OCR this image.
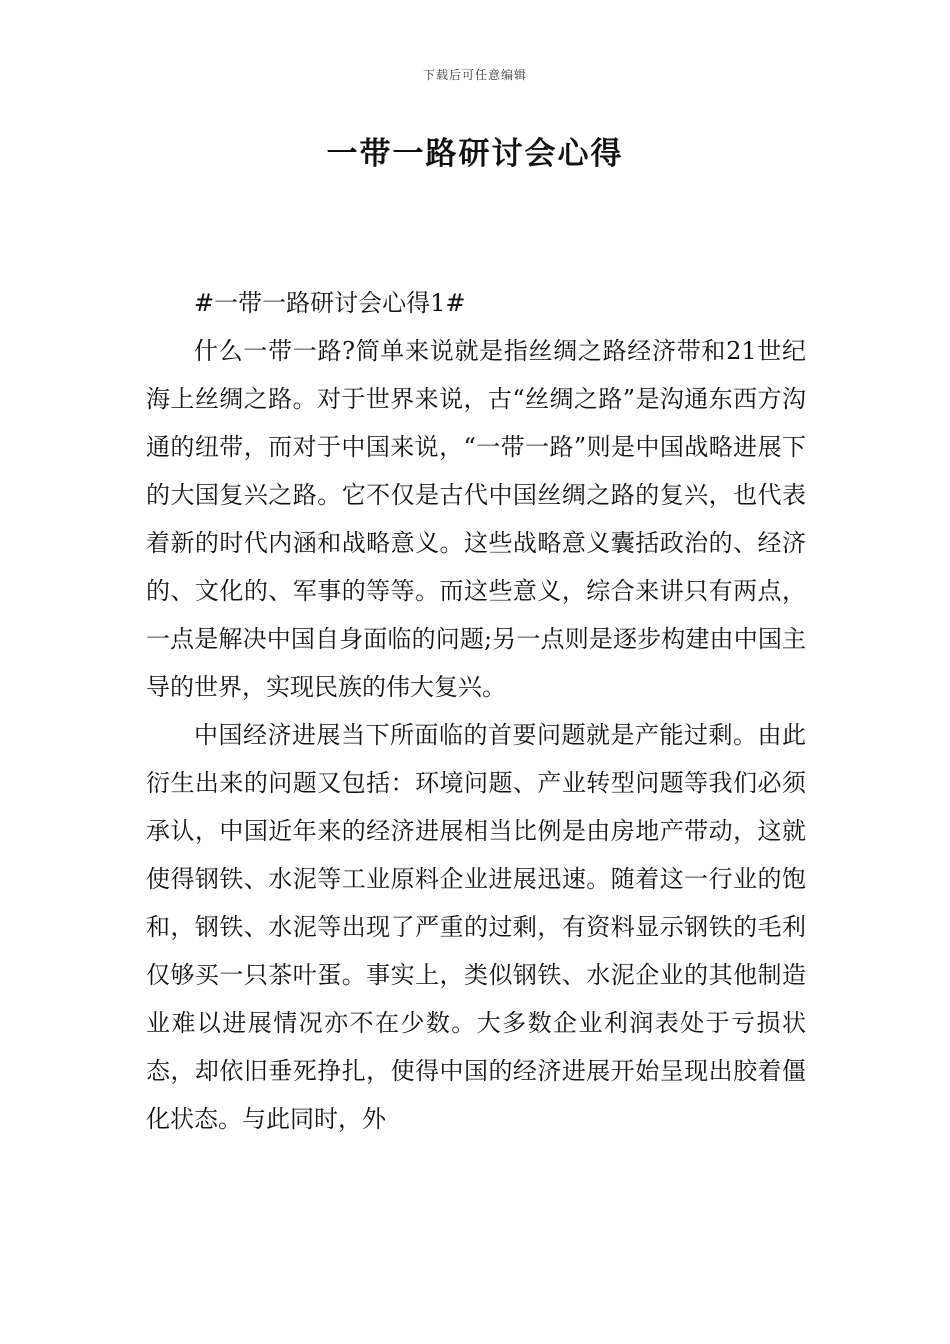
下载后可任意编辑
一带一路研讨会心得

#一带一路研讨会心得1#

什么一带一路?简单来说就是指丝绸之路经济带和21世纪海上丝绸之路。对于世界来说，古“丝绸之路”是沟通东西方沟通的纽带，而对于中国来说，“一带一路”则是中国战略进展下的大国复兴之路。它不仅是古代中国丝绸之路的复兴，也代表着新的时代内涵和战略意义。这些战略意义囊括政治的、经济的、文化的、军事的等等。而这些意义，综合来讲只有两点，一点是解决中国自身面临的问题;另一点则是逐步构建由中国主导的世界，实现民族的伟大复兴。

中国经济进展当下所面临的首要问题就是产能过剩。由此衍生出来的问题又包括：环境问题、产业转型问题等我们必须承认，中国近年来的经济进展相当比例是由房地产带动，这就使得钢铁、水泥等工业原料企业进展迅速。随着这一行业的饱和，钢铁、水泥等出现了严重的过剩，有资料显示钢铁的毛利仅够买一只茶叶蛋。事实上，类似钢铁、水泥企业的其他制造业难以进展情况亦不在少数。大多数企业利润表处于亏损状态，却依旧垂死挣扎，使得中国的经济进展开始呈现出胶着僵化状态。与此同时，外
